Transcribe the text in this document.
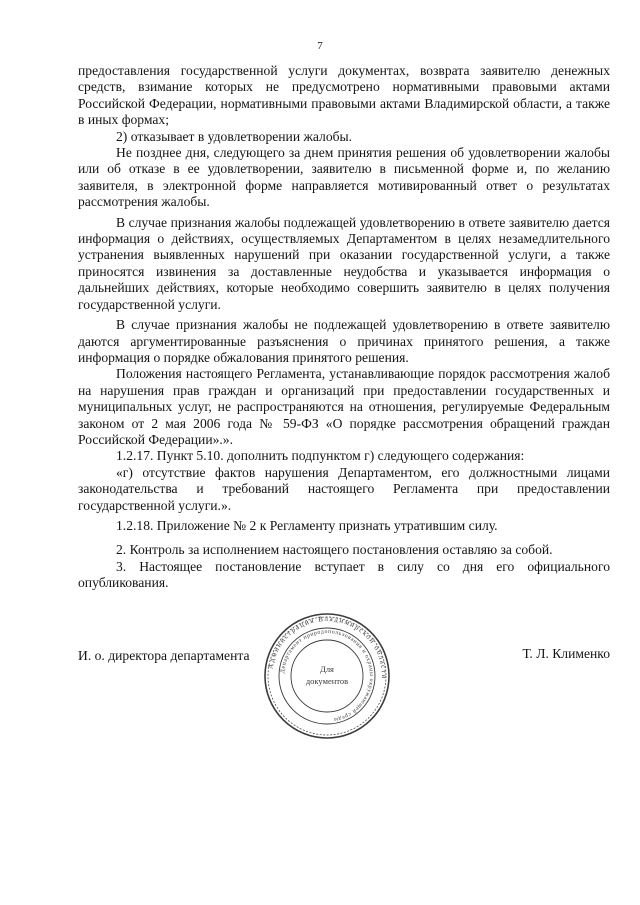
7

предоставления государственной услуги документах, возврата заявителю денежных средств, взимание которых не предусмотрено нормативными правовыми актами Российской Федерации, нормативными правовыми актами Владимирской области, а также в иных формах;

2) отказывает в удовлетворении жалобы.

Не позднее дня, следующего за днем принятия решения об удовлетворении жалобы или об отказе в ее удовлетворении, заявителю в письменной форме и, по желанию заявителя, в электронной форме направляется мотивированный ответ о результатах рассмотрения жалобы.

В случае признания жалобы подлежащей удовлетворению в ответе заявителю дается информация о действиях, осуществляемых Департаментом в целях незамедлительного устранения выявленных нарушений при оказании государственной услуги, а также приносятся извинения за доставленные неудобства и указывается информация о дальнейших действиях, которые необходимо совершить заявителю в целях получения государственной услуги.

В случае признания жалобы не подлежащей удовлетворению в ответе заявителю даются аргументированные разъяснения о причинах принятого решения, а также информация о порядке обжалования принятого решения.

Положения настоящего Регламента, устанавливающие порядок рассмотрения жалоб на нарушения прав граждан и организаций при предоставлении государственных и муниципальных услуг, не распространяются на отношения, регулируемые Федеральным законом от 2 мая 2006 года № 59-ФЗ «О порядке рассмотрения обращений граждан Российской Федерации».».

1.2.17. Пункт 5.10. дополнить подпунктом г) следующего содержания:

«г) отсутствие фактов нарушения Департаментом, его должностными лицами законодательства и требований настоящего Регламента при предоставлении государственной услуги.».

1.2.18. Приложение № 2 к Регламенту признать утратившим силу.

2. Контроль за исполнением настоящего постановления оставляю за собой.

3. Настоящее постановление вступает в силу со дня его официального опубликования.

И. о. директора департамента	Т. Л. Клименко
Администрация Владимирской области
Департамент природопользования и охраны окружающей среды
Для
документов
